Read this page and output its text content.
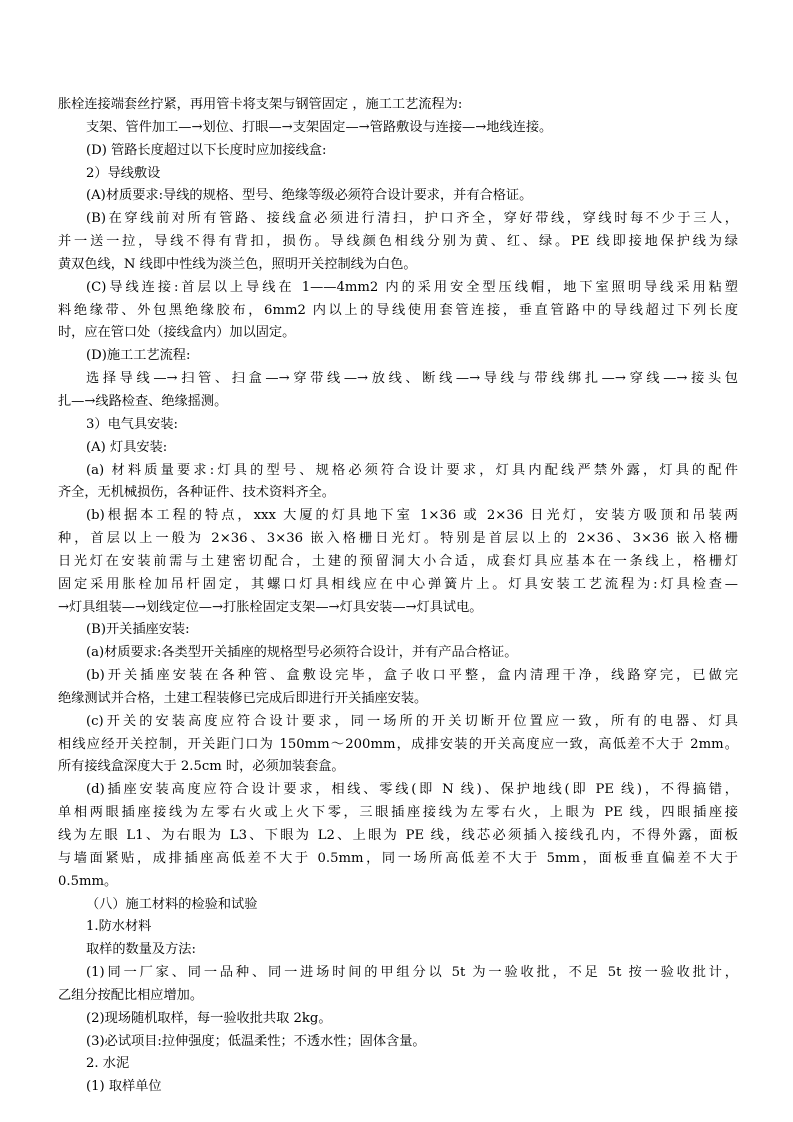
胀栓连接端套丝拧紧，再用管卡将支架与钢管固定 ，施工工艺流程为:
支架、管件加工—→划位、打眼—→支架固定—→管路敷设与连接—→地线连接。
(D) 管路长度超过以下长度时应加接线盒:
2）导线敷设
(A)材质要求:导线的规格、型号、绝缘等级必须符合设计要求，并有合格证。
(B)在穿线前对所有管路、接线盒必须进行清扫，护口齐全，穿好带线，穿线时每不少于三人，
并一送一拉，导线不得有背扣，损伤。导线颜色相线分别为黄、红、绿。PE 线即接地保护线为绿
黄双色线，N 线即中性线为淡兰色，照明开关控制线为白色。
(C)导线连接:首层以上导线在 1——4mm2 内的采用安全型压线帽，地下室照明导线采用粘塑
料绝缘带、外包黑绝缘胶布，6mm2 内以上的导线使用套管连接，垂直管路中的导线超过下列长度
时，应在管口处（接线盒内）加以固定。
(D)施工工艺流程:
选择导线—→扫管、扫盒—→穿带线—→放线、断线—→导线与带线绑扎—→穿线—→接头包
扎—→线路检查、绝缘摇测。
3）电气具安装:
(A) 灯具安装:
(a) 材料质量要求:灯具的型号、规格必须符合设计要求，灯具内配线严禁外露，灯具的配件
齐全，无机械损伤，各种证件、技术资料齐全。
(b)根据本工程的特点，xxx 大厦的灯具地下室 1×36 或 2×36 日光灯，安装方吸顶和吊装两
种，首层以上一般为 2×36、3×36 嵌入格栅日光灯。特别是首层以上的 2×36、3×36 嵌入格栅
日光灯在安装前需与土建密切配合，土建的预留洞大小合适，成套灯具应基本在一条线上，格栅灯
固定采用胀栓加吊杆固定，其螺口灯具相线应在中心弹簧片上。灯具安装工艺流程为:灯具检查—
→灯具组装—→划线定位—→打胀栓固定支架—→灯具安装—→灯具试电。
(B)开关插座安装:
(a)材质要求:各类型开关插座的规格型号必须符合设计，并有产品合格证。
(b)开关插座安装在各种管、盒敷设完毕，盒子收口平整，盒内清理干净，线路穿完，已做完
绝缘测试并合格，土建工程装修已完成后即进行开关插座安装。
(c)开关的安装高度应符合设计要求，同一场所的开关切断开位置应一致，所有的电器、灯具
相线应经开关控制，开关距门口为 150mm～200mm，成排安装的开关高度应一致，高低差不大于 2mm。
所有接线盒深度大于 2.5cm 时，必须加装套盒。
(d)插座安装高度应符合设计要求，相线、零线(即 N 线)、保护地线(即 PE 线)，不得搞错，
单相两眼插座接线为左零右火或上火下零，三眼插座接线为左零右火，上眼为 PE 线，四眼插座接
线为左眼 L1、为右眼为 L3、下眼为 L2、上眼为 PE 线，线芯必须插入接线孔内，不得外露，面板
与墙面紧贴，成排插座高低差不大于 0.5mm，同一场所高低差不大于 5mm，面板垂直偏差不大于
0.5mm。
（八）施工材料的检验和试验
1.防水材料
取样的数量及方法:
(1)同一厂家、同一品种、同一进场时间的甲组分以 5t 为一验收批，不足 5t 按一验收批计，
乙组分按配比相应增加。
(2)现场随机取样，每一验收批共取 2kg。
(3)必试项目:拉伸强度；低温柔性；不透水性；固体含量。
2. 水泥
(1) 取样单位
